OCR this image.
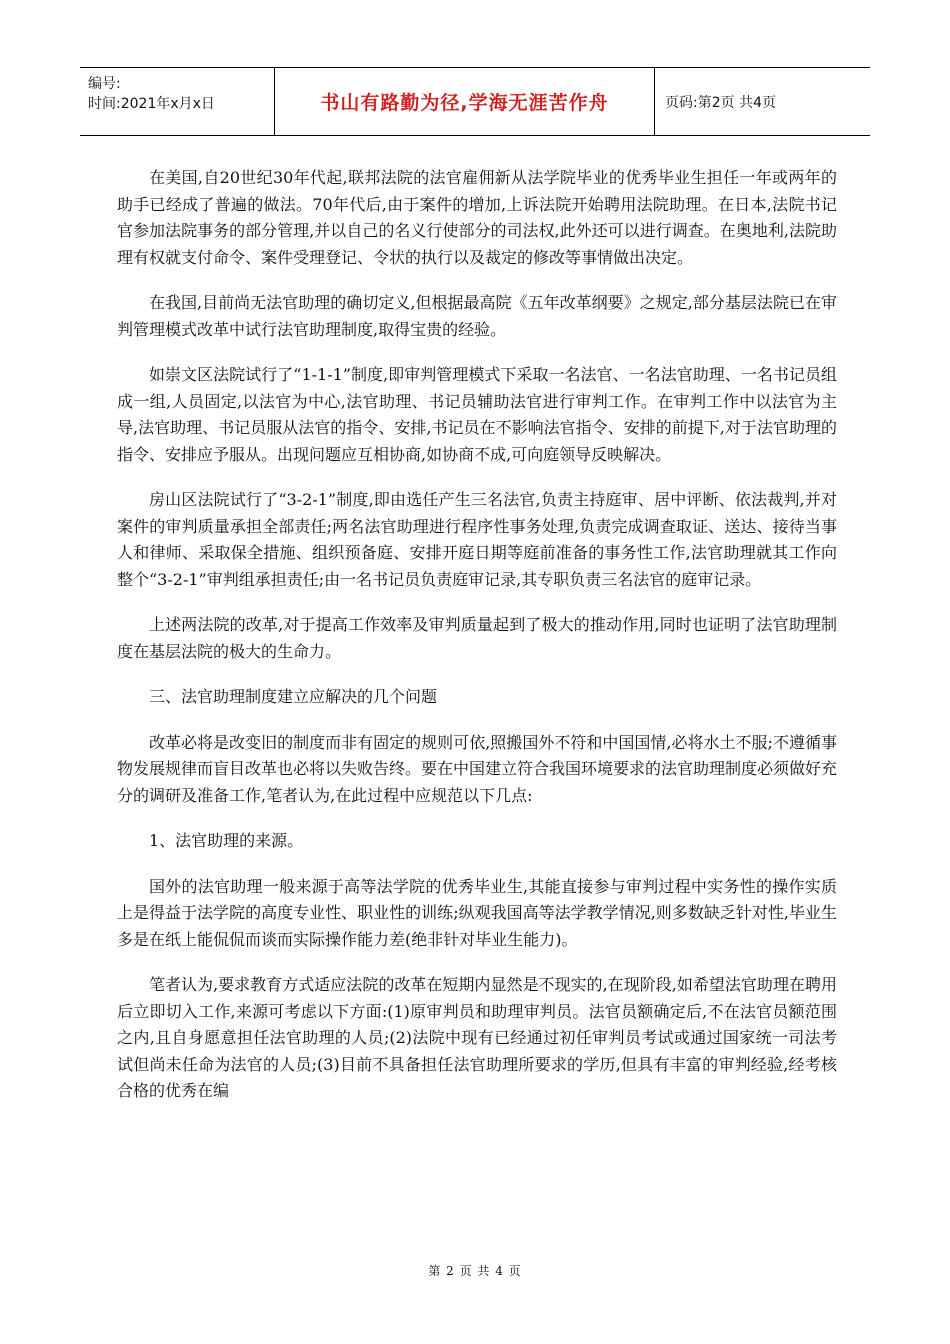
编号:
时间:2021年x月x日	书山有路勤为径,学海无涯苦作舟	页码:第2页 共4页

在美国,自20世纪30年代起,联邦法院的法官雇佣新从法学院毕业的优秀毕业生担任一年或两年的助手已经成了普遍的做法。70年代后,由于案件的增加,上诉法院开始聘用法院助理。在日本,法院书记官参加法院事务的部分管理,并以自己的名义行使部分的司法权,此外还可以进行调查。在奥地利,法院助理有权就支付命令、案件受理登记、令状的执行以及裁定的修改等事情做出决定。

在我国,目前尚无法官助理的确切定义,但根据最高院《五年改革纲要》之规定,部分基层法院已在审判管理模式改革中试行法官助理制度,取得宝贵的经验。

如崇文区法院试行了“1-1-1”制度,即审判管理模式下采取一名法官、一名法官助理、一名书记员组成一组,人员固定,以法官为中心,法官助理、书记员辅助法官进行审判工作。在审判工作中以法官为主导,法官助理、书记员服从法官的指令、安排,书记员在不影响法官指令、安排的前提下,对于法官助理的指令、安排应予服从。出现问题应互相协商,如协商不成,可向庭领导反映解决。

房山区法院试行了“3-2-1”制度,即由选任产生三名法官,负责主持庭审、居中评断、依法裁判,并对案件的审判质量承担全部责任;两名法官助理进行程序性事务处理,负责完成调查取证、送达、接待当事人和律师、采取保全措施、组织预备庭、安排开庭日期等庭前准备的事务性工作,法官助理就其工作向整个“3-2-1”审判组承担责任;由一名书记员负责庭审记录,其专职负责三名法官的庭审记录。

上述两法院的改革,对于提高工作效率及审判质量起到了极大的推动作用,同时也证明了法官助理制度在基层法院的极大的生命力。

三、法官助理制度建立应解决的几个问题

改革必将是改变旧的制度而非有固定的规则可依,照搬国外不符和中国国情,必将水土不服;不遵循事物发展规律而盲目改革也必将以失败告终。要在中国建立符合我国环境要求的法官助理制度必须做好充分的调研及准备工作,笔者认为,在此过程中应规范以下几点:

1、法官助理的来源。

国外的法官助理一般来源于高等法学院的优秀毕业生,其能直接参与审判过程中实务性的操作实质上是得益于法学院的高度专业性、职业性的训练;纵观我国高等法学教学情况,则多数缺乏针对性,毕业生多是在纸上能侃侃而谈而实际操作能力差(绝非针对毕业生能力)。

笔者认为,要求教育方式适应法院的改革在短期内显然是不现实的,在现阶段,如希望法官助理在聘用后立即切入工作,来源可考虑以下方面:(1)原审判员和助理审判员。法官员额确定后,不在法官员额范围之内,且自身愿意担任法官助理的人员;(2)法院中现有已经通过初任审判员考试或通过国家统一司法考试但尚未任命为法官的人员;(3)目前不具备担任法官助理所要求的学历,但具有丰富的审判经验,经考核合格的优秀在编

第 2 页 共 4 页
